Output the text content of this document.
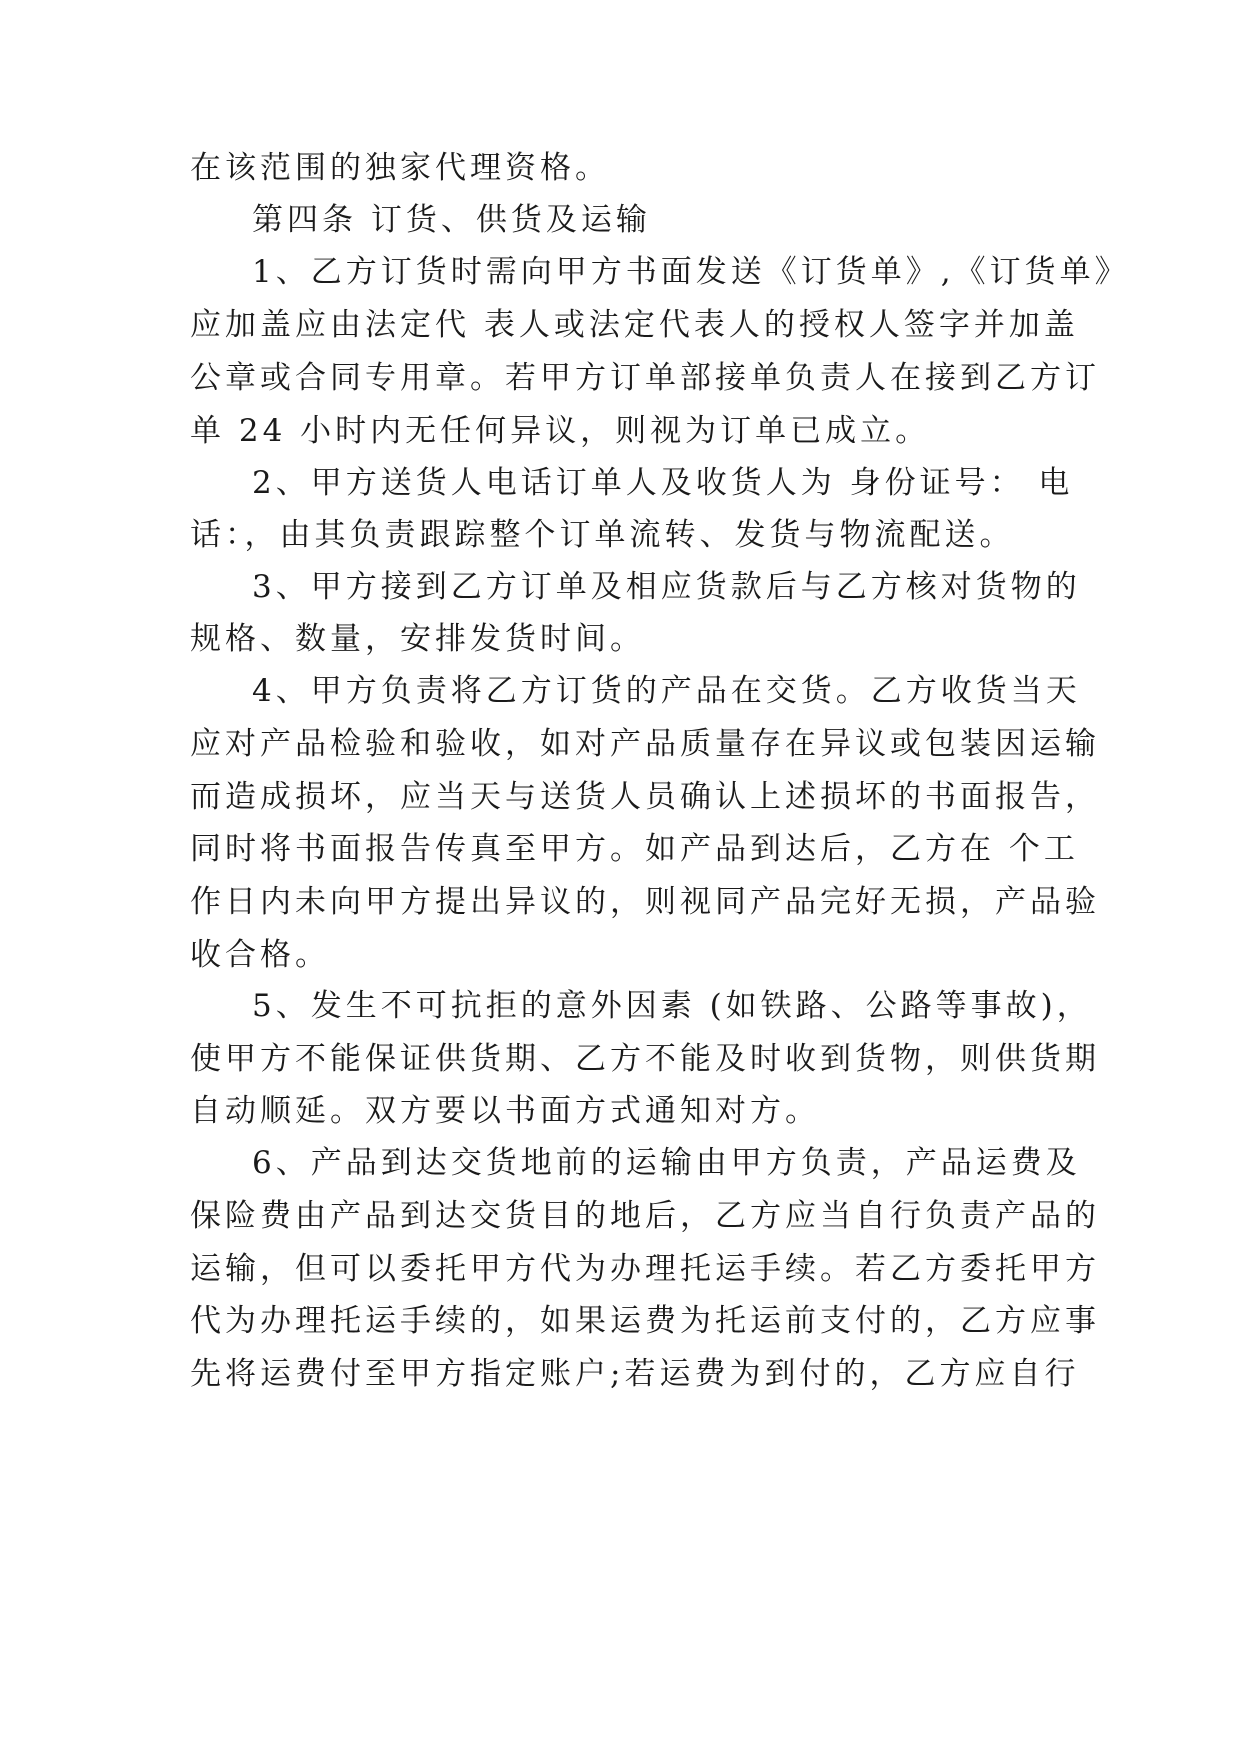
在该范围的独家代理资格。
第四条 订货、供货及运输
1、乙方订货时需向甲方书面发送《订货单》,《订货单》
应加盖应由法定代 表人或法定代表人的授权人签字并加盖
公章或合同专用章。若甲方订单部接单负责人在接到乙方订
单 24 小时内无任何异议，则视为订单已成立。
2、甲方送货人电话订单人及收货人为 身份证号： 电
话：，由其负责跟踪整个订单流转、发货与物流配送。
3、甲方接到乙方订单及相应货款后与乙方核对货物的
规格、数量，安排发货时间。
4、甲方负责将乙方订货的产品在交货。乙方收货当天
应对产品检验和验收，如对产品质量存在异议或包装因运输
而造成损坏，应当天与送货人员确认上述损坏的书面报告，
同时将书面报告传真至甲方。如产品到达后，乙方在 个工
作日内未向甲方提出异议的，则视同产品完好无损，产品验
收合格。
5、发生不可抗拒的意外因素 (如铁路、公路等事故)，
使甲方不能保证供货期、乙方不能及时收到货物，则供货期
自动顺延。双方要以书面方式通知对方。
6、产品到达交货地前的运输由甲方负责，产品运费及
保险费由产品到达交货目的地后，乙方应当自行负责产品的
运输，但可以委托甲方代为办理托运手续。若乙方委托甲方
代为办理托运手续的，如果运费为托运前支付的，乙方应事
先将运费付至甲方指定账户;若运费为到付的，乙方应自行
